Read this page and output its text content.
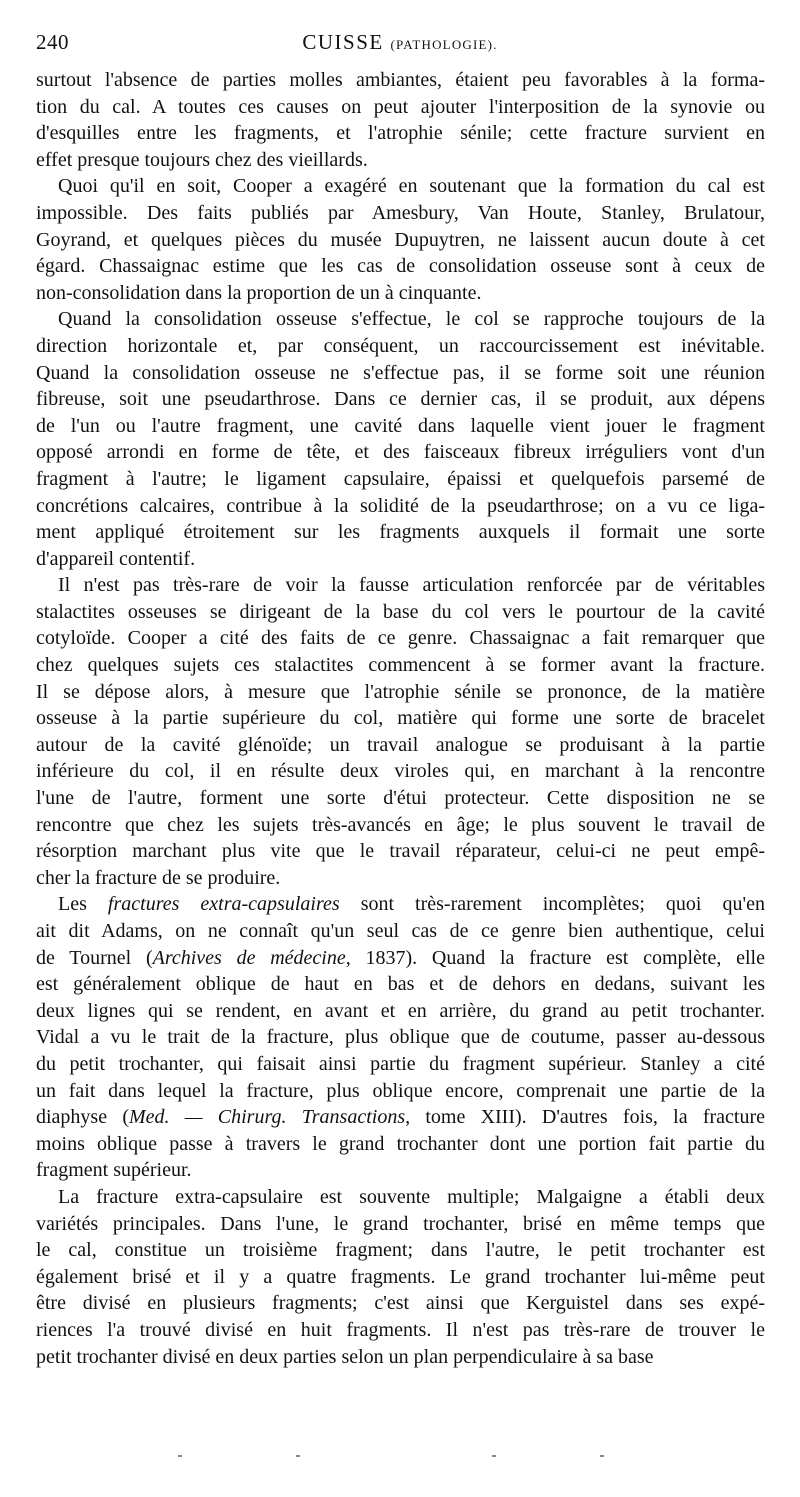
240	CUISSE (PATHOLOGIE).

surtout l'absence de parties molles ambiantes, étaient peu favorables à la forma-
tion du cal. A toutes ces causes on peut ajouter l'interposition de la synovie ou
d'esquilles entre les fragments, et l'atrophie sénile; cette fracture survient en
effet presque toujours chez des vieillards.

Quoi qu'il en soit, Cooper a exagéré en soutenant que la formation du cal est
impossible. Des faits publiés par Amesbury, Van Houte, Stanley, Brulatour,
Goyrand, et quelques pièces du musée Dupuytren, ne laissent aucun doute à cet
égard. Chassaignac estime que les cas de consolidation osseuse sont à ceux de
non-consolidation dans la proportion de un à cinquante.

Quand la consolidation osseuse s'effectue, le col se rapproche toujours de la
direction horizontale et, par conséquent, un raccourcissement est inévitable.
Quand la consolidation osseuse ne s'effectue pas, il se forme soit une réunion
fibreuse, soit une pseudarthrose. Dans ce dernier cas, il se produit, aux dépens
de l'un ou l'autre fragment, une cavité dans laquelle vient jouer le fragment
opposé arrondi en forme de tête, et des faisceaux fibreux irréguliers vont d'un
fragment à l'autre; le ligament capsulaire, épaissi et quelquefois parsemé de
concrétions calcaires, contribue à la solidité de la pseudarthrose; on a vu ce liga-
ment appliqué étroitement sur les fragments auxquels il formait une sorte
d'appareil contentif.

Il n'est pas très-rare de voir la fausse articulation renforcée par de véritables
stalactites osseuses se dirigeant de la base du col vers le pourtour de la cavité
cotyloïde. Cooper a cité des faits de ce genre. Chassaignac a fait remarquer que
chez quelques sujets ces stalactites commencent à se former avant la fracture.
Il se dépose alors, à mesure que l'atrophie sénile se prononce, de la matière
osseuse à la partie supérieure du col, matière qui forme une sorte de bracelet
autour de la cavité glénoïde; un travail analogue se produisant à la partie
inférieure du col, il en résulte deux viroles qui, en marchant à la rencontre
l'une de l'autre, forment une sorte d'étui protecteur. Cette disposition ne se
rencontre que chez les sujets très-avancés en âge; le plus souvent le travail de
résorption marchant plus vite que le travail réparateur, celui-ci ne peut empê-
cher la fracture de se produire.

Les fractures extra-capsulaires sont très-rarement incomplètes; quoi qu'en
ait dit Adams, on ne connaît qu'un seul cas de ce genre bien authentique, celui
de Tournel (Archives de médecine, 1837). Quand la fracture est complète, elle
est généralement oblique de haut en bas et de dehors en dedans, suivant les
deux lignes qui se rendent, en avant et en arrière, du grand au petit trochanter.
Vidal a vu le trait de la fracture, plus oblique que de coutume, passer au-dessous
du petit trochanter, qui faisait ainsi partie du fragment supérieur. Stanley a cité
un fait dans lequel la fracture, plus oblique encore, comprenait une partie de la
diaphyse (Med. — Chirurg. Transactions, tome XIII). D'autres fois, la fracture
moins oblique passe à travers le grand trochanter dont une portion fait partie du
fragment supérieur.

La fracture extra-capsulaire est souvente multiple; Malgaigne a établi deux
variétés principales. Dans l'une, le grand trochanter, brisé en même temps que
le cal, constitue un troisième fragment; dans l'autre, le petit trochanter est
également brisé et il y a quatre fragments. Le grand trochanter lui-même peut
être divisé en plusieurs fragments; c'est ainsi que Kerguistel dans ses expé-
riences l'a trouvé divisé en huit fragments. Il n'est pas très-rare de trouver le
petit trochanter divisé en deux parties selon un plan perpendiculaire à sa base
